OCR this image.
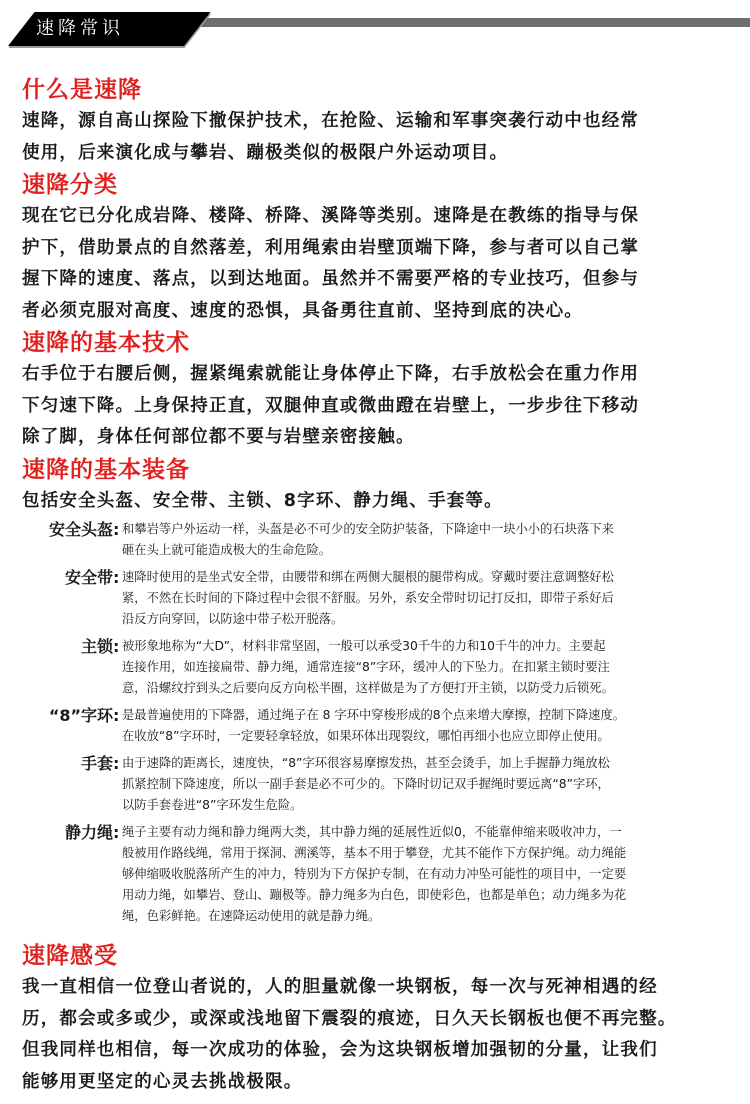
速降常识
什么是速降
速降，源自高山探险下撤保护技术，在抢险、运输和军事突袭行动中也经常
使用，后来演化成与攀岩、蹦极类似的极限户外运动项目。
速降分类
现在它已分化成岩降、楼降、桥降、溪降等类别。速降是在教练的指导与保
护下，借助景点的自然落差，利用绳索由岩壁顶端下降，参与者可以自己掌
握下降的速度、落点，以到达地面。虽然并不需要严格的专业技巧，但参与
者必须克服对高度、速度的恐惧，具备勇往直前、坚持到底的决心。
速降的基本技术
右手位于右腰后侧，握紧绳索就能让身体停止下降，右手放松会在重力作用
下匀速下降。上身保持正直，双腿伸直或微曲蹬在岩壁上，一步步往下移动
除了脚，身体任何部位都不要与岩壁亲密接触。
速降的基本装备
包括安全头盔、安全带、主锁、8字环、静力绳、手套等。
安全头盔 : 和攀岩等户外运动一样，头盔是必不可少的安全防护装备，下降途中一块小小的石块落下来
砸在头上就可能造成极大的生命危险。
安全带 : 速降时使用的是坐式安全带，由腰带和绑在两侧大腿根的腿带构成。穿戴时要注意调整好松
紧，不然在长时间的下降过程中会很不舒服。另外，系安全带时切记打反扣，即带子系好后
沿反方向穿回，以防途中带子松开脱落。
主锁 : 被形象地称为“大D”，材料非常坚固，一般可以承受30千牛的力和10千牛的冲力。主要起
连接作用，如连接扁带、静力绳，通常连接“8”字环，缓冲人的下坠力。在扣紧主锁时要注
意，沿螺纹拧到头之后要向反方向松半圈，这样做是为了方便打开主锁，以防受力后锁死。
“8”字环 : 是最普遍使用的下降器，通过绳子在 8 字环中穿梭形成的8个点来增大摩擦，控制下降速度。
在收放“8”字环时，一定要轻拿轻放，如果环体出现裂纹，哪怕再细小也应立即停止使用。
手套 : 由于速降的距离长，速度快，“8”字环很容易摩擦发热，甚至会烫手，加上手握静力绳放松
抓紧控制下降速度，所以一副手套是必不可少的。下降时切记双手握绳时要远离“8”字环，
以防手套卷进“8”字环发生危险。
静力绳 : 绳子主要有动力绳和静力绳两大类，其中静力绳的延展性近似0，不能靠伸缩来吸收冲力，一
般被用作路线绳，常用于探洞、溯溪等，基本不用于攀登，尤其不能作下方保护绳。动力绳能
够伸缩吸收脱落所产生的冲力，特别为下方保护专制，在有动力冲坠可能性的项目中，一定要
用动力绳，如攀岩、登山、蹦极等。静力绳多为白色，即使彩色，也都是单色；动力绳多为花
绳，色彩鲜艳。在速降运动使用的就是静力绳。
速降感受
我一直相信一位登山者说的，人的胆量就像一块钢板，每一次与死神相遇的经
历，都会或多或少，或深或浅地留下震裂的痕迹，日久天长钢板也便不再完整。
但我同样也相信，每一次成功的体验，会为这块钢板增加强韧的分量，让我们
能够用更坚定的心灵去挑战极限。
